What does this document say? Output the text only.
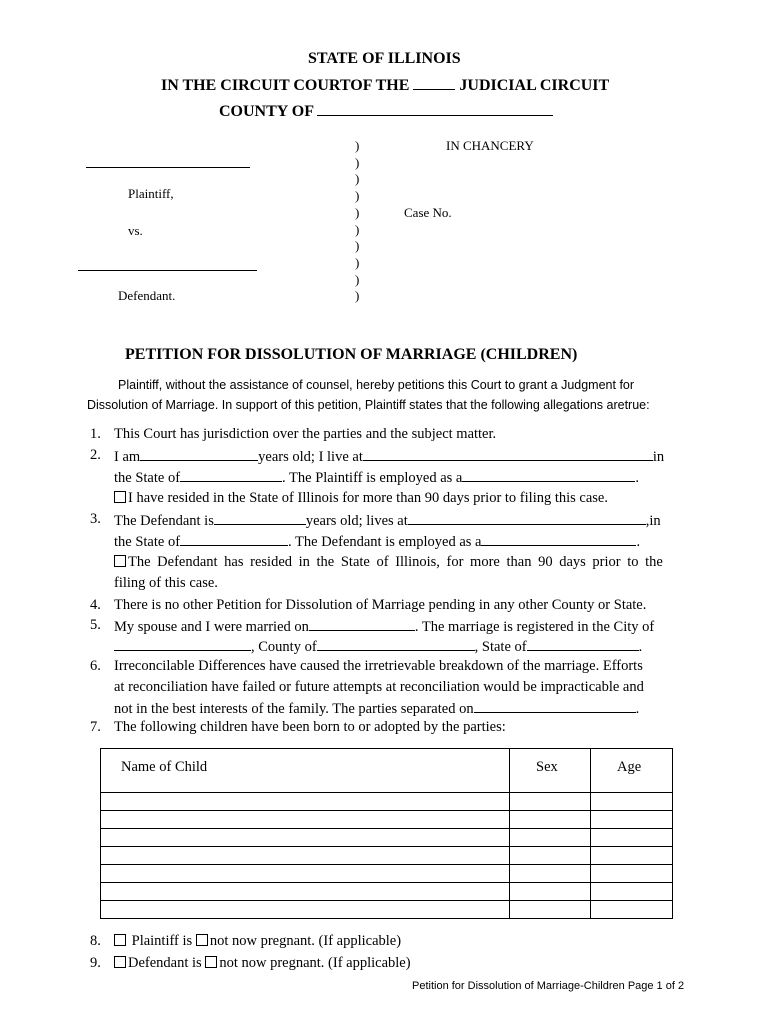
STATE OF ILLINOIS
IN THE CIRCUIT COURTOF THE	JUDICIAL CIRCUIT
COUNTY OF
Plaintiff,
vs.
Defendant.
)
)
)
)
)
)
)
)
)
)
IN CHANCERY
Case No.
PETITION FOR DISSOLUTION OF MARRIAGE (CHILDREN)
Plaintiff, without the assistance of counsel, hereby petitions this Court to grant a Judgment for
Dissolution of Marriage. In support of this petition, Plaintiff states that the following allegations aretrue:
1.
2.
3.
4.
5.
6.
7.
8.
9.
This Court has jurisdiction over the parties and the subject matter.
I am	years old; I live at	in
the State of	. The Plaintiff is employed as a	.
I have resided in the State of Illinois for more than 90 days prior to filing this case.
The Defendant is	years old; lives at	,in
the State of	. The Defendant is employed as a	.
The Defendant has resided in the State of Illinois, for more than 90 days prior to the
filing of this case.
There is no other Petition for Dissolution of Marriage pending in any other County or State.
My spouse and I were married on	. The marriage is registered in the City of
, County of	, State of	.
Irreconcilable Differences have caused the irretrievable breakdown of the marriage. Efforts
at reconciliation have failed or future attempts at reconciliation would be impracticable and
not in the best interests of the family. The parties separated on	.
The following children have been born to or adopted by the parties:
Name of Child	Sex	Age

Plaintiff is not now pregnant. (If applicable)
Defendant is not now pregnant. (If applicable)
Petition for Dissolution of Marriage-Children Page 1 of 2
